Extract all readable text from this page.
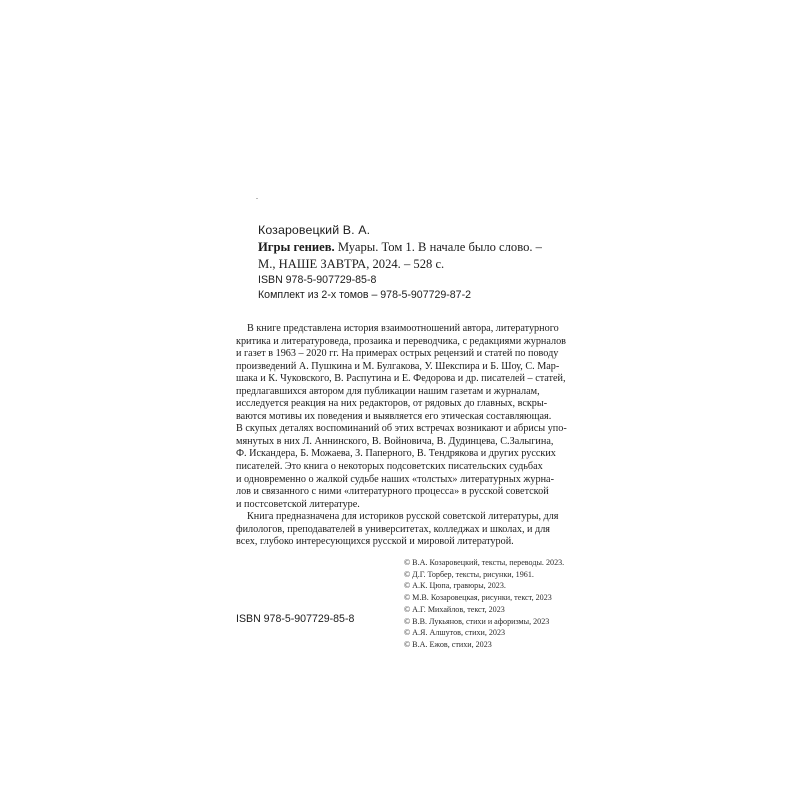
Козаровецкий В. А.
Игры гениев. Муары. Том 1. В начале было слово. –
М., НАШЕ ЗАВТРА, 2024. – 528 с.
ISBN 978-5-907729-85-8
Комплект из 2-х томов – 978-5-907729-87-2

В книге представлена история взаимоотношений автора, литературного
критика и литературоведа, прозаика и переводчика, с редакциями журналов
и газет в 1963 – 2020 гг. На примерах острых рецензий и статей по поводу
произведений А. Пушкина и М. Булгакова, У. Шекспира и Б. Шоу, С. Мар-
шака и К. Чуковского, В. Распутина и Е. Федорова и др. писателей – статей,
предлагавшихся автором для публикации нашим газетам и журналам,
исследуется реакция на них редакторов, от рядовых до главных, вскры-
ваются мотивы их поведения и выявляется его этическая составляющая.
В скупых деталях воспоминаний об этих встречах возникают и абрисы упо-
мянутых в них Л. Аннинского, В. Войновича, В. Дудинцева, С.Залыгина,
Ф. Искандера, Б. Можаева, З. Паперного, В. Тендрякова и других русских
писателей. Это книга о некоторых подсоветских писательских судьбах
и одновременно о жалкой судьбе наших «толстых» литературных журна-
лов и связанного с ними «литературного процесса» в русской советской
и постсоветской литературе.

Книга предназначена для историков русской советской литературы, для
филологов, преподавателей в университетах, колледжах и школах, и для
всех, глубоко интересующихся русской и мировой литературой.

© В.А. Козаровецкий, тексты, переводы. 2023.
© Д.Г. Торбер, тексты, рисунки, 1961.
© А.К. Цюпа, гравюры, 2023.
© М.В. Козаровецкая, рисунки, текст, 2023
© А.Г. Михайлов, текст, 2023
© В.В. Лукьянов, стихи и афоризмы, 2023
© А.Я. Алшутов, стихи, 2023
© В.А. Ежов, стихи, 2023
ISBN 978-5-907729-85-8
